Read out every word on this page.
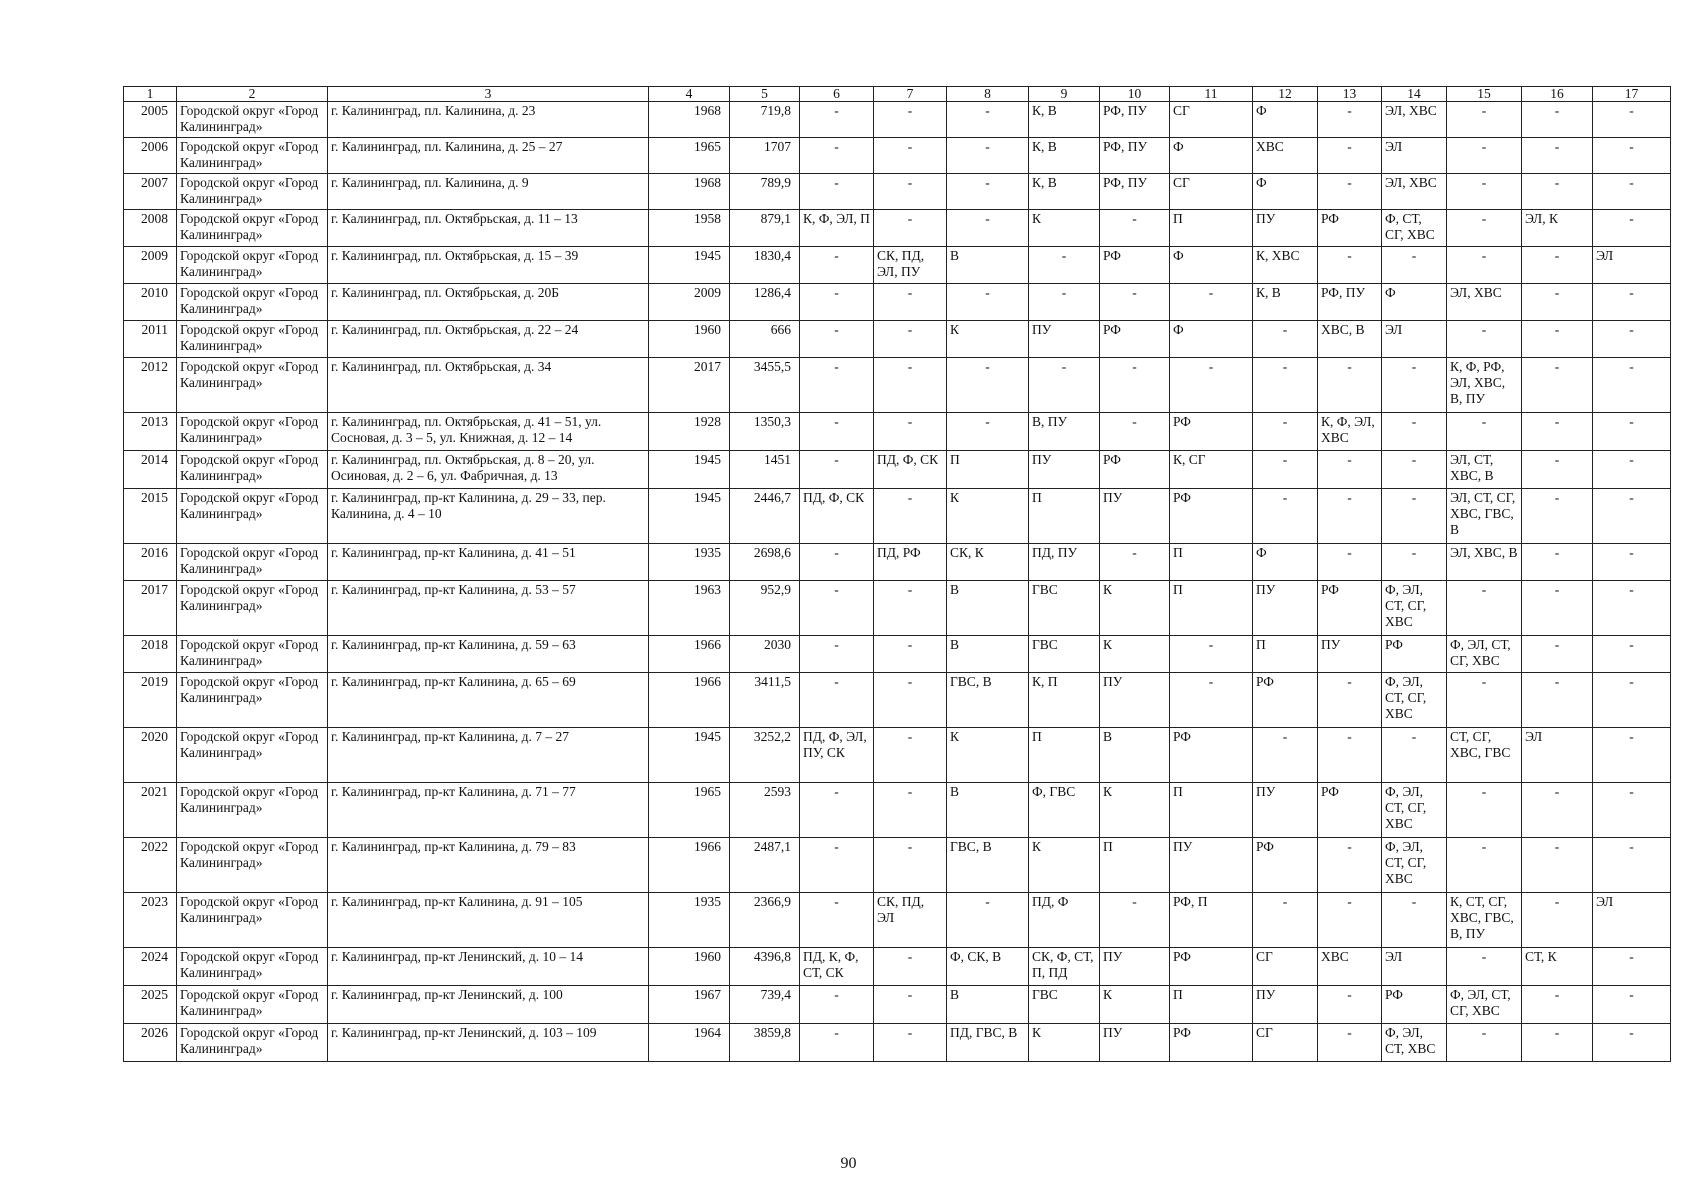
1	2	3	4	5	6	7	8	9	10	11	12	13	14	15	16	17
2005	Городской округ «Город Калининград»	г. Калининград, пл. Калинина, д. 23	1968	719,8	-	-	-	К, В	РФ, ПУ	СГ	Ф	-	ЭЛ, ХВС	-	-	-
2006	Городской округ «Город Калининград»	г. Калининград, пл. Калинина, д. 25 – 27	1965	1707	-	-	-	К, В	РФ, ПУ	Ф	ХВС	-	ЭЛ	-	-	-
2007	Городской округ «Город Калининград»	г. Калининград, пл. Калинина, д. 9	1968	789,9	-	-	-	К, В	РФ, ПУ	СГ	Ф	-	ЭЛ, ХВС	-	-	-
2008	Городской округ «Город Калининград»	г. Калининград, пл. Октябрьская, д. 11 – 13	1958	879,1	К, Ф, ЭЛ, П	-	-	К	-	П	ПУ	РФ	Ф, СТ, СГ, ХВС	-	ЭЛ, К	-
2009	Городской округ «Город Калининград»	г. Калининград, пл. Октябрьская, д. 15 – 39	1945	1830,4	-	СК, ПД, ЭЛ, ПУ	В	-	РФ	Ф	К, ХВС	-	-	-	-	ЭЛ
2010	Городской округ «Город Калининград»	г. Калининград, пл. Октябрьская, д. 20Б	2009	1286,4	-	-	-	-	-	-	К, В	РФ, ПУ	Ф	ЭЛ, ХВС	-	-
2011	Городской округ «Город Калининград»	г. Калининград, пл. Октябрьская, д. 22 – 24	1960	666	-	-	К	ПУ	РФ	Ф	-	ХВС, В	ЭЛ	-	-	-
2012	Городской округ «Город Калининград»	г. Калининград, пл. Октябрьская, д. 34	2017	3455,5	-	-	-	-	-	-	-	-	-	К, Ф, РФ, ЭЛ, ХВС, В, ПУ	-	-
2013	Городской округ «Город Калининград»	г. Калининград, пл. Октябрьская, д. 41 – 51, ул. Сосновая, д. 3 – 5, ул. Книжная, д. 12 – 14	1928	1350,3	-	-	-	В, ПУ	-	РФ	-	К, Ф, ЭЛ, ХВС	-	-	-	-
2014	Городской округ «Город Калининград»	г. Калининград, пл. Октябрьская, д. 8 – 20, ул. Осиновая, д. 2 – 6, ул. Фабричная, д. 13	1945	1451	-	ПД, Ф, СК	П	ПУ	РФ	К, СГ	-	-	-	ЭЛ, СТ, ХВС, В	-	-
2015	Городской округ «Город Калининград»	г. Калининград, пр-кт Калинина, д. 29 – 33, пер. Калинина, д. 4 – 10	1945	2446,7	ПД, Ф, СК	-	К	П	ПУ	РФ	-	-	-	ЭЛ, СТ, СГ, ХВС, ГВС, В	-	-
2016	Городской округ «Город Калининград»	г. Калининград, пр-кт Калинина, д. 41 – 51	1935	2698,6	-	ПД, РФ	СК, К	ПД, ПУ	-	П	Ф	-	-	ЭЛ, ХВС, В	-	-
2017	Городской округ «Город Калининград»	г. Калининград, пр-кт Калинина, д. 53 – 57	1963	952,9	-	-	В	ГВС	К	П	ПУ	РФ	Ф, ЭЛ, СТ, СГ, ХВС	-	-	-
2018	Городской округ «Город Калининград»	г. Калининград, пр-кт Калинина, д. 59 – 63	1966	2030	-	-	В	ГВС	К	-	П	ПУ	РФ	Ф, ЭЛ, СТ, СГ, ХВС	-	-
2019	Городской округ «Город Калининград»	г. Калининград, пр-кт Калинина, д. 65 – 69	1966	3411,5	-	-	ГВС, В	К, П	ПУ	-	РФ	-	Ф, ЭЛ, СТ, СГ, ХВС	-	-	-
2020	Городской округ «Город Калининград»	г. Калининград, пр-кт Калинина, д. 7 – 27	1945	3252,2	ПД, Ф, ЭЛ, ПУ, СК	-	К	П	В	РФ	-	-	-	СТ, СГ, ХВС, ГВС	ЭЛ	-
2021	Городской округ «Город Калининград»	г. Калининград, пр-кт Калинина, д. 71 – 77	1965	2593	-	-	В	Ф, ГВС	К	П	ПУ	РФ	Ф, ЭЛ, СТ, СГ, ХВС	-	-	-
2022	Городской округ «Город Калининград»	г. Калининград, пр-кт Калинина, д. 79 – 83	1966	2487,1	-	-	ГВС, В	К	П	ПУ	РФ	-	Ф, ЭЛ, СТ, СГ, ХВС	-	-	-
2023	Городской округ «Город Калининград»	г. Калининград, пр-кт Калинина, д. 91 – 105	1935	2366,9	-	СК, ПД, ЭЛ	-	ПД, Ф	-	РФ, П	-	-	-	К, СТ, СГ, ХВС, ГВС, В, ПУ	-	ЭЛ
2024	Городской округ «Город Калининград»	г. Калининград, пр-кт Ленинский, д. 10 – 14	1960	4396,8	ПД, К, Ф, СТ, СК	-	Ф, СК, В	СК, Ф, СТ, П, ПД	ПУ	РФ	СГ	ХВС	ЭЛ	-	СТ, К	-
2025	Городской округ «Город Калининград»	г. Калининград, пр-кт Ленинский, д. 100	1967	739,4	-	-	В	ГВС	К	П	ПУ	-	РФ	Ф, ЭЛ, СТ, СГ, ХВС	-	-
2026	Городской округ «Город Калининград»	г. Калининград, пр-кт Ленинский, д. 103 – 109	1964	3859,8	-	-	ПД, ГВС, В	К	ПУ	РФ	СГ	-	Ф, ЭЛ, СТ, ХВС	-	-	-
90
